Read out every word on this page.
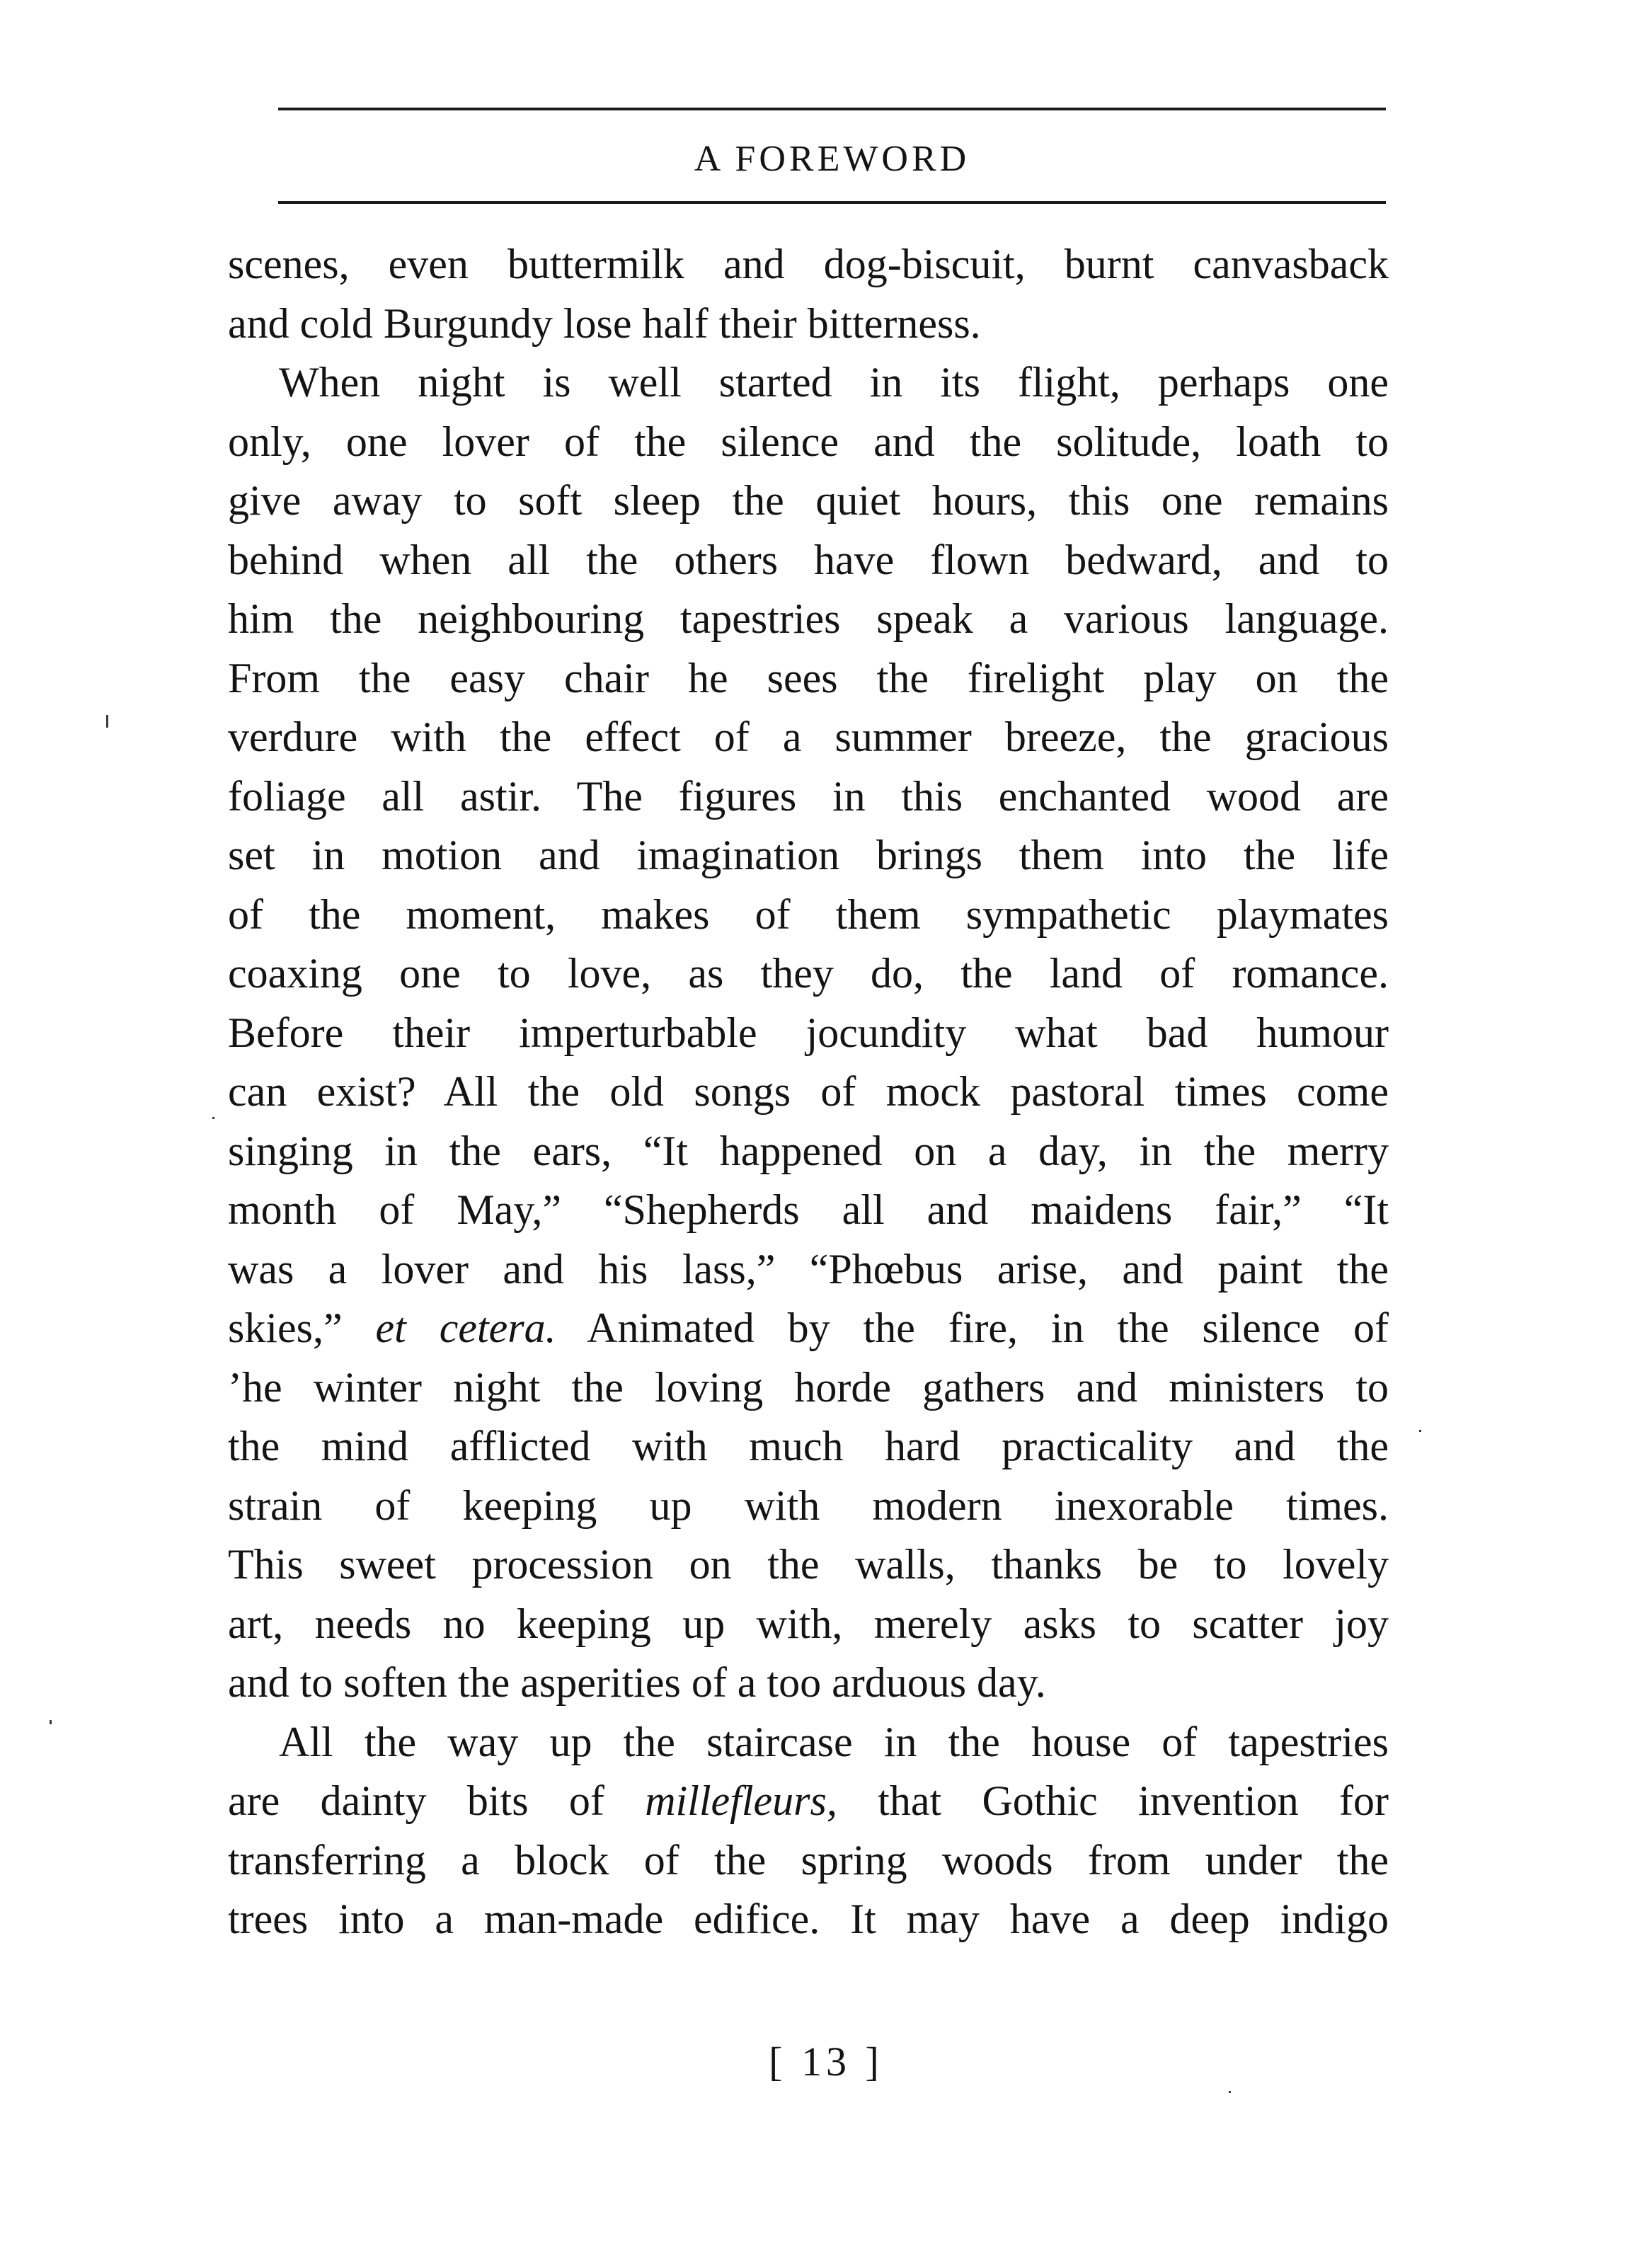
A FOREWORD
scenes, even buttermilk and dog-biscuit, burnt canvasback
and cold Burgundy lose half their bitterness.
When night is well started in its flight, perhaps one
only, one lover of the silence and the solitude, loath to
give away to soft sleep the quiet hours, this one remains
behind when all the others have flown bedward, and to
him the neighbouring tapestries speak a various language.
From the easy chair he sees the firelight play on the
verdure with the effect of a summer breeze, the gracious
foliage all astir. The figures in this enchanted wood are
set in motion and imagination brings them into the life
of the moment, makes of them sympathetic playmates
coaxing one to love, as they do, the land of romance.
Before their imperturbable jocundity what bad humour
can exist? All the old songs of mock pastoral times come
singing in the ears, “It happened on a day, in the merry
month of May,” “Shepherds all and maidens fair,” “It
was a lover and his lass,” “Phœbus arise, and paint the
skies,” et cetera. Animated by the fire, in the silence of
’he winter night the loving horde gathers and ministers to
the mind afflicted with much hard practicality and the
strain of keeping up with modern inexorable times.
This sweet procession on the walls, thanks be to lovely
art, needs no keeping up with, merely asks to scatter joy
and to soften the asperities of a too arduous day.
All the way up the staircase in the house of tapestries
are dainty bits of millefleurs, that Gothic invention for
transferring a block of the spring woods from under the
trees into a man-made edifice. It may have a deep indigo
[ 13 ]
